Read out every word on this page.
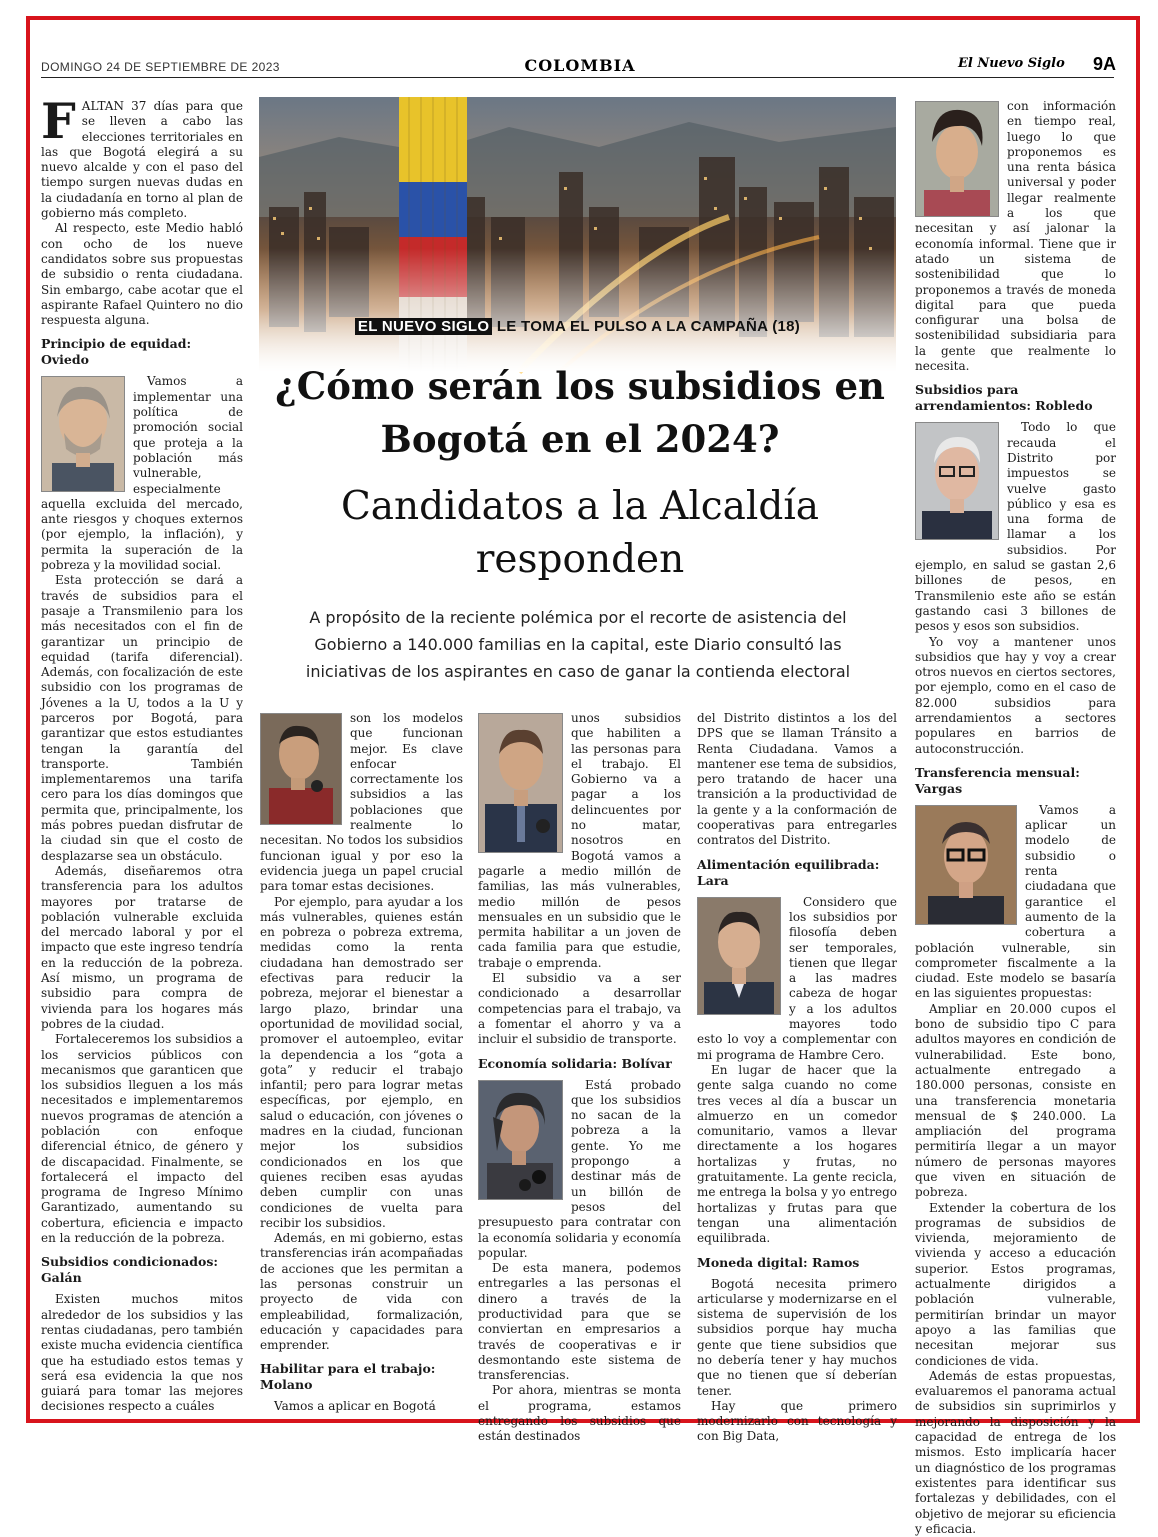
DOMINGO 24 DE SEPTIEMBRE DE 2023	COLOMBIA	El Nuevo Siglo 9A
EL NUEVO SIGLO LE TOMA EL PULSO A LA CAMPAÑA (18)
¿Cómo serán los subsidios en Bogotá en el 2024?
Candidatos a la Alcaldía responden
A propósito de la reciente polémica por el recorte de asistencia del Gobierno a 140.000 familias en la capital, este Diario consultó las iniciativas de los aspirantes en caso de ganar la contienda electoral

FALTAN 37 días para que se lleven a cabo las elecciones territoriales en las que Bogotá elegirá a su nuevo alcalde y con el paso del tiempo surgen nuevas dudas en la ciudadanía en torno al plan de gobierno más completo.

Al respecto, este Medio habló con ocho de los nueve candidatos sobre sus propuestas de subsidio o renta ciudadana. Sin embargo, cabe acotar que el aspirante Rafael Quintero no dio respuesta alguna.

Principio de equidad: Oviedo

Vamos a implementar una política de promoción social que proteja a la población más vulnerable, especialmente aquella excluida del mercado, ante riesgos y choques externos (por ejemplo, la inflación), y permita la superación de la pobreza y la movilidad social.

Esta protección se dará a través de subsidios para el pasaje a Transmilenio para los más necesitados con el fin de garantizar un principio de equidad (tarifa diferencial). Además, con focalización de este subsidio con los programas de Jóvenes a la U, todos a la U y parceros por Bogotá, para garantizar que estos estudiantes tengan la garantía del transporte. También implementaremos una tarifa cero para los días domingos que permita que, principalmente, los más pobres puedan disfrutar de la ciudad sin que el costo de desplazarse sea un obstáculo.

Además, diseñaremos otra transferencia para los adultos mayores por tratarse de población vulnerable excluida del mercado laboral y por el impacto que este ingreso tendría en la reducción de la pobreza. Así mismo, un programa de subsidio para compra de vivienda para los hogares más pobres de la ciudad.

Fortaleceremos los subsidios a los servicios públicos con mecanismos que garanticen que los subsidios lleguen a los más necesitados e implementaremos nuevos programas de atención a población con enfoque diferencial étnico, de género y de discapacidad. Finalmente, se fortalecerá el impacto del programa de Ingreso Mínimo Garantizado, aumentando su cobertura, eficiencia e impacto en la reducción de la pobreza.

Subsidios condicionados: Galán

Existen muchos mitos alrededor de los subsidios y las rentas ciudadanas, pero también existe mucha evidencia científica que ha estudiado estos temas y será esa evidencia la que nos guiará para tomar las mejores decisiones respecto a cuáles

son los modelos que funcionan mejor. Es clave enfocar correctamente los subsidios a las poblaciones que realmente lo necesitan. No todos los subsidios funcionan igual y por eso la evidencia juega un papel crucial para tomar estas decisiones.

Por ejemplo, para ayudar a los más vulnerables, quienes están en pobreza o pobreza extrema, medidas como la renta ciudadana han demostrado ser efectivas para reducir la pobreza, mejorar el bienestar a largo plazo, brindar una oportunidad de movilidad social, promover el autoempleo, evitar la dependencia a los “gota a gota” y reducir el trabajo infantil; pero para lograr metas específicas, por ejemplo, en salud o educación, con jóvenes o madres en la ciudad, funcionan mejor los subsidios condicionados en los que quienes reciben esas ayudas deben cumplir con unas condiciones de vuelta para recibir los subsidios.

Además, en mi gobierno, estas transferencias irán acompañadas de acciones que les permitan a las personas construir un proyecto de vida con empleabilidad, formalización, educación y capacidades para emprender.

Habilitar para el trabajo: Molano

Vamos a aplicar en Bogotá

unos subsidios que habiliten a las personas para el trabajo. El Gobierno va a pagar a los delincuentes por no matar, nosotros en Bogotá vamos a pagarle a medio millón de familias, las más vulnerables, medio millón de pesos mensuales en un subsidio que le permita habilitar a un joven de cada familia para que estudie, trabaje o emprenda.

El subsidio va a ser condicionado a desarrollar competencias para el trabajo, va a fomentar el ahorro y va a incluir el subsidio de transporte.

Economía solidaria: Bolívar

Está probado que los subsidios no sacan de la pobreza a la gente. Yo me propongo a destinar más de un billón de pesos del presupuesto para contratar con la economía solidaria y economía popular.

De esta manera, podemos entregarles a las personas el dinero a través de la productividad para que se conviertan en empresarios a través de cooperativas e ir desmontando este sistema de transferencias.

Por ahora, mientras se monta el programa, estamos entregando los subsidios que están destinados

del Distrito distintos a los del DPS que se llaman Tránsito a Renta Ciudadana. Vamos a mantener ese tema de subsidios, pero tratando de hacer una transición a la productividad de la gente y a la conformación de cooperativas para entregarles contratos del Distrito.

Alimentación equilibrada: Lara

Considero que los subsidios por filosofía deben ser temporales, tienen que llegar a las madres cabeza de hogar y a los adultos mayores todo esto lo voy a complementar con mi programa de Hambre Cero.

En lugar de hacer que la gente salga cuando no come tres veces al día a buscar un almuerzo en un comedor comunitario, vamos a llevar directamente a los hogares hortalizas y frutas, no gratuitamente. La gente recicla, me entrega la bolsa y yo entrego hortalizas y frutas para que tengan una alimentación equilibrada.

Moneda digital: Ramos

Bogotá necesita primero articularse y modernizarse en el sistema de supervisión de los subsidios porque hay mucha gente que tiene subsidios que no debería tener y hay muchos que no tienen que sí deberían tener.

Hay que primero modernizarlo con tecnología y con Big Data,

con información en tiempo real, luego lo que proponemos es una renta básica universal y poder llegar realmente a los que necesitan y así jalonar la economía informal. Tiene que ir atado un sistema de sostenibilidad que lo proponemos a través de moneda digital para que pueda configurar una bolsa de sostenibilidad subsidiaria para la gente que realmente lo necesita.

Subsidios para arrendamientos: Robledo

Todo lo que recauda el Distrito por impuestos se vuelve gasto público y esa es una forma de llamar a los subsidios. Por ejemplo, en salud se gastan 2,6 billones de pesos, en Transmilenio este año se están gastando casi 3 billones de pesos y esos son subsidios.

Yo voy a mantener unos subsidios que hay y voy a crear otros nuevos en ciertos sectores, por ejemplo, como en el caso de 82.000 subsidios para arrendamientos a sectores populares en barrios de autoconstrucción.

Transferencia mensual: Vargas

Vamos a aplicar un modelo de subsidio o renta ciudadana que garantice el aumento de la cobertura a población vulnerable, sin comprometer fiscalmente a la ciudad. Este modelo se basaría en las siguientes propuestas:

Ampliar en 20.000 cupos el bono de subsidio tipo C para adultos mayores en condición de vulnerabilidad. Este bono, actualmente entregado a 180.000 personas, consiste en una transferencia monetaria mensual de $ 240.000. La ampliación del programa permitiría llegar a un mayor número de personas mayores que viven en situación de pobreza.

Extender la cobertura de los programas de subsidios de vivienda, mejoramiento de vivienda y acceso a educación superior. Estos programas, actualmente dirigidos a población vulnerable, permitirían brindar un mayor apoyo a las familias que necesitan mejorar sus condiciones de vida.

Además de estas propuestas, evaluaremos el panorama actual de subsidios sin suprimirlos y mejorando la disposición y la capacidad de entrega de los mismos. Esto implicaría hacer un diagnóstico de los programas existentes para identificar sus fortalezas y debilidades, con el objetivo de mejorar su eficiencia y eficacia.
